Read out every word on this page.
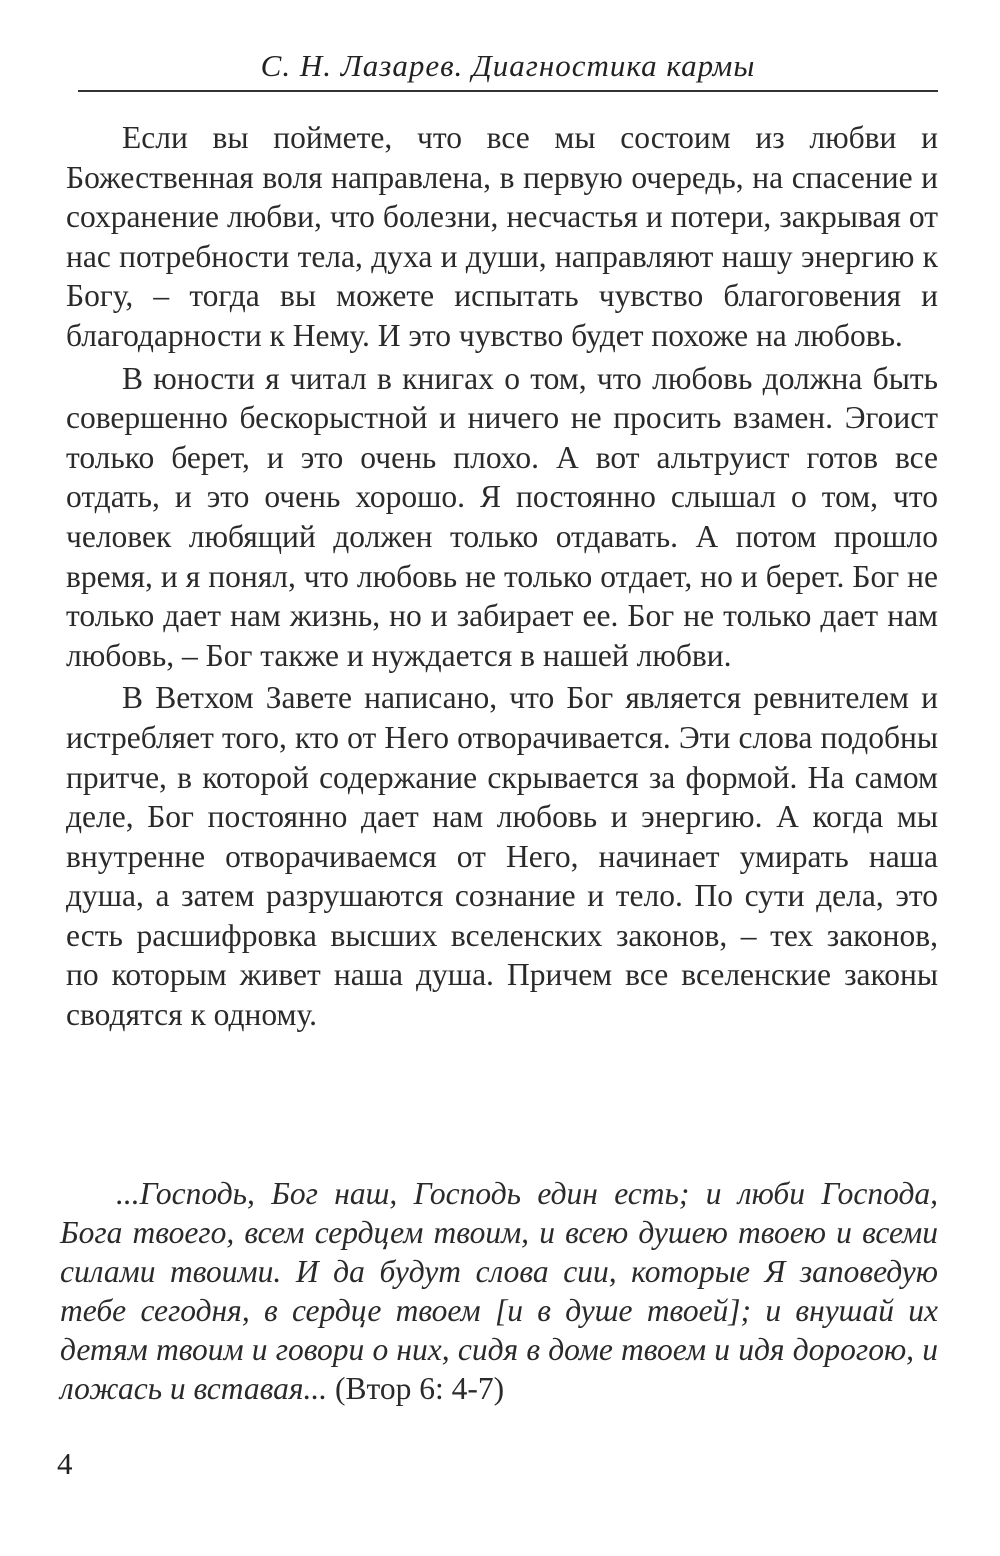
С. Н. Лазарев. Диагностика кармы

Если вы поймете, что все мы состоим из любви и Божественная воля направлена, в первую очередь, на спасение и сохранение любви, что болезни, несчастья и потери, закрывая от нас потребности тела, духа и души, направляют нашу энергию к Богу, – тогда вы можете испытать чувство благоговения и благодарности к Нему. И это чувство будет похоже на любовь.

В юности я читал в книгах о том, что любовь должна быть совершенно бескорыстной и ничего не просить взамен. Эгоист только берет, и это очень плохо. А вот альтруист готов все отдать, и это очень хорошо. Я постоянно слышал о том, что человек любящий должен только отдавать. А потом прошло время, и я понял, что любовь не только отдает, но и берет. Бог не только дает нам жизнь, но и забирает ее. Бог не только дает нам любовь, – Бог также и нуждается в нашей любви.

В Ветхом Завете написано, что Бог является ревнителем и истребляет того, кто от Него отворачивается. Эти слова подобны притче, в которой содержание скрывается за формой. На самом деле, Бог постоянно дает нам любовь и энергию. А когда мы внутренне отворачиваемся от Него, начинает умирать наша душа, а затем разрушаются сознание и тело. По сути дела, это есть расшифровка высших вселенских законов, – тех законов, по которым живет наша душа. Причем все вселенские законы сводятся к одному.

...Господь, Бог наш, Господь един есть; и люби Господа, Бога твоего, всем сердцем твоим, и всею душею твоею и всеми силами твоими. И да будут слова сии, которые Я заповедую тебе сегодня, в сердце твоем [и в душе твоей]; и внушай их детям твоим и говори о них, сидя в доме твоем и идя дорогою, и ложась и вставая... (Втор 6: 4-7)

4
